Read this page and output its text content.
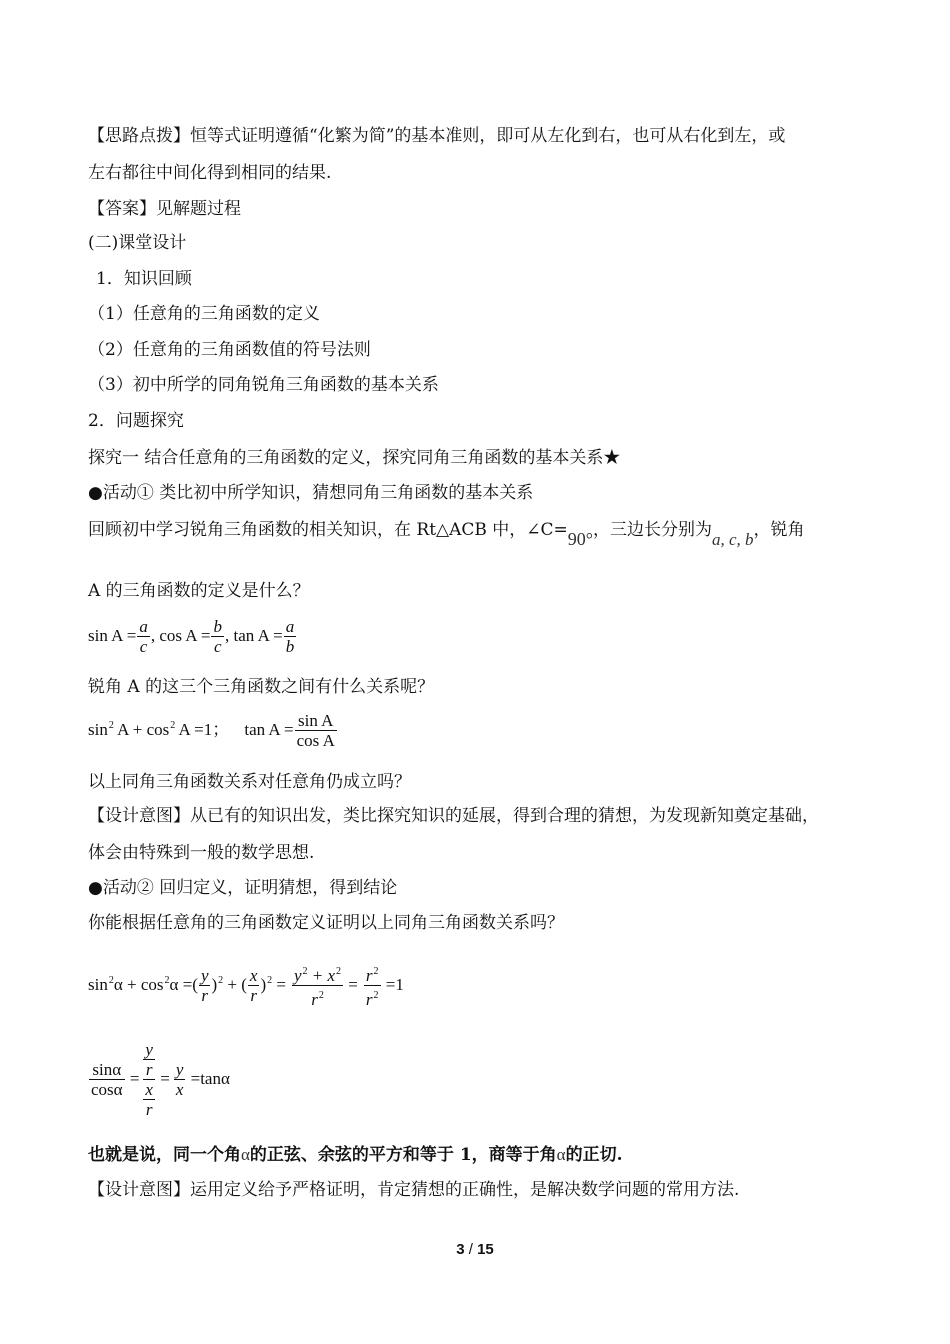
【思路点拨】恒等式证明遵循“化繁为简”的基本准则，即可从左化到右，也可从右化到左，或
左右都往中间化得到相同的结果.
【答案】见解题过程
(二)课堂设计
1．知识回顾
（1）任意角的三角函数的定义
（2）任意角的三角函数值的符号法则
（3）初中所学的同角锐角三角函数的基本关系
2．问题探究
探究一 结合任意角的三角函数的定义，探究同角三角函数的基本关系★
●活动① 类比初中所学知识，猜想同角三角函数的基本关系
回顾初中学习锐角三角函数的相关知识，在 Rt△ACB 中，∠C=90°，三边长分别为a, c, b，锐角
A 的三角函数的定义是什么？
$\sin A = \frac{a}{c}$ , $\cos A = \frac{b}{c}$ , $\tan A = \frac{a}{b}$
锐角 A 的这三个三角函数之间有什么关系呢？
$\sin^2 A + \cos^2 A =1$； $\tan A = \frac{\text{sin A}}{\text{cos A}}$
以上同角三角函数关系对任意角仍成立吗？
【设计意图】从已有的知识出发，类比探究知识的延展，得到合理的猜想，为发现新知奠定基础，
体会由特殊到一般的数学思想.
●活动② 回归定义，证明猜想，得到结论
你能根据任意角的三角函数定义证明以上同角三角函数关系吗？
$\sin^2\alpha + \cos^2\alpha$ =( $\frac{y}{r} )^2$ + ( $\frac{x}{r} )^2 = \frac{y^2 + x^2}{r^2} = \frac{r^2}{r^2} =1$
$\frac{\sin\alpha}{\cos\alpha}$ =
y
r
x
r
= $\frac{y}{x} =\tan\alpha$
也就是说，同一个角α的正弦、余弦的平方和等于 1，商等于角α的正切.
【设计意图】运用定义给予严格证明，肯定猜想的正确性，是解决数学问题的常用方法.
3 / 15
